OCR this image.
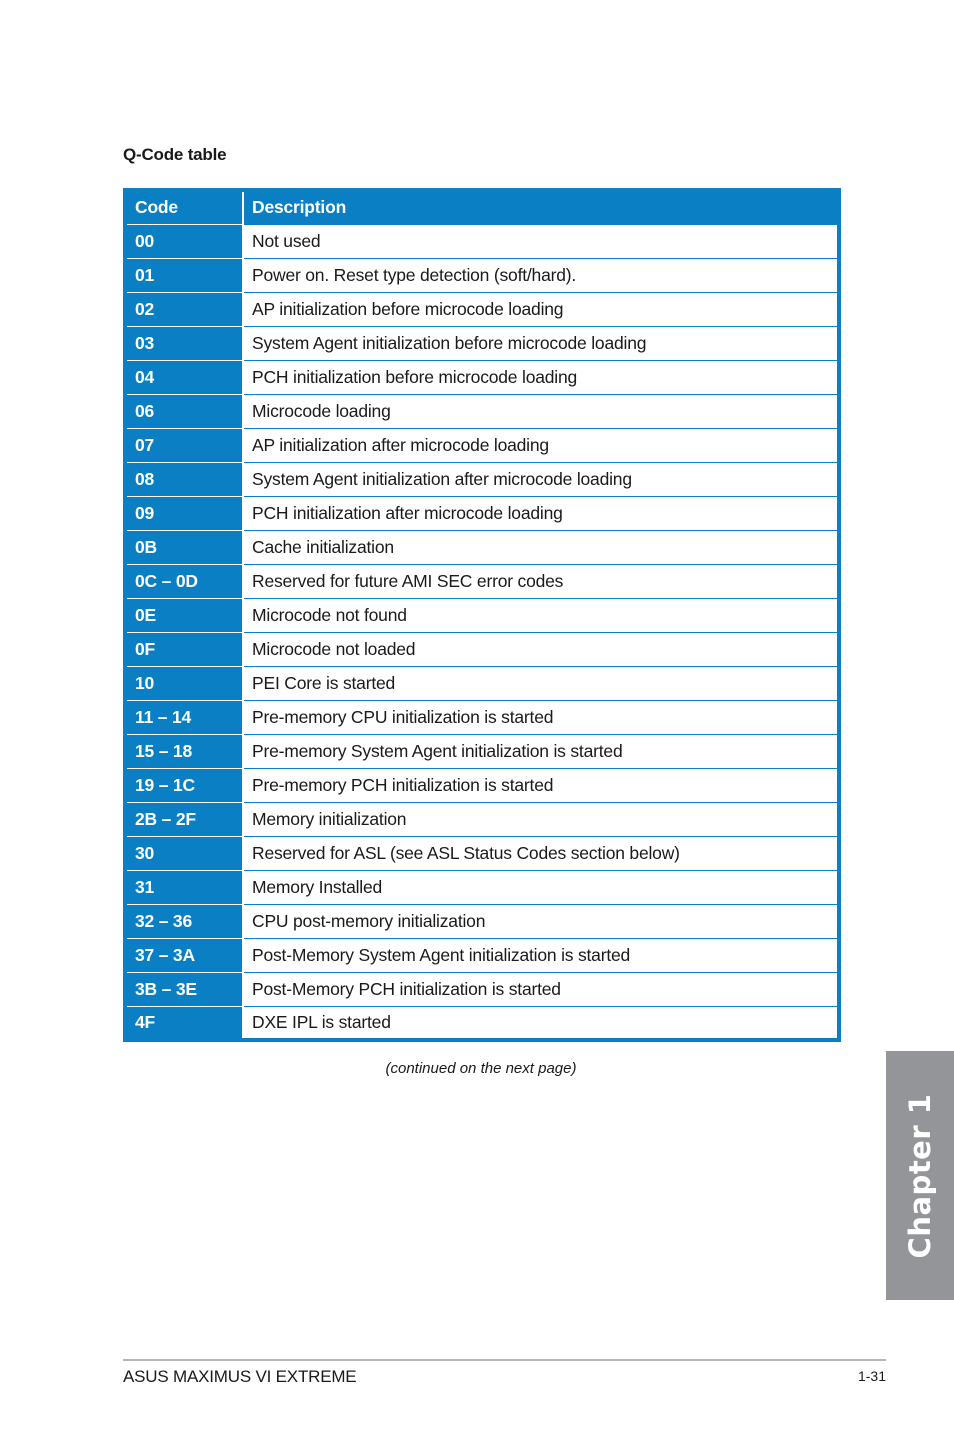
Q-Code table
Code	Description
00	Not used
01	Power on. Reset type detection (soft/hard).
02	AP initialization before microcode loading
03	System Agent initialization before microcode loading
04	PCH initialization before microcode loading
06	Microcode loading
07	AP initialization after microcode loading
08	System Agent initialization after microcode loading
09	PCH initialization after microcode loading
0B	Cache initialization
0C – 0D	Reserved for future AMI SEC error codes
0E	Microcode not found
0F	Microcode not loaded
10	PEI Core is started
11 – 14	Pre-memory CPU initialization is started
15 – 18	Pre-memory System Agent initialization is started
19 – 1C	Pre-memory PCH initialization is started
2B – 2F	Memory initialization
30	Reserved for ASL (see ASL Status Codes section below)
31	Memory Installed
32 – 36	CPU post-memory initialization
37 – 3A	Post-Memory System Agent initialization is started
3B – 3E	Post-Memory PCH initialization is started
4F	DXE IPL is started
(continued on the next page)
Chapter 1
ASUS MAXIMUS VI EXTREME	1-31
